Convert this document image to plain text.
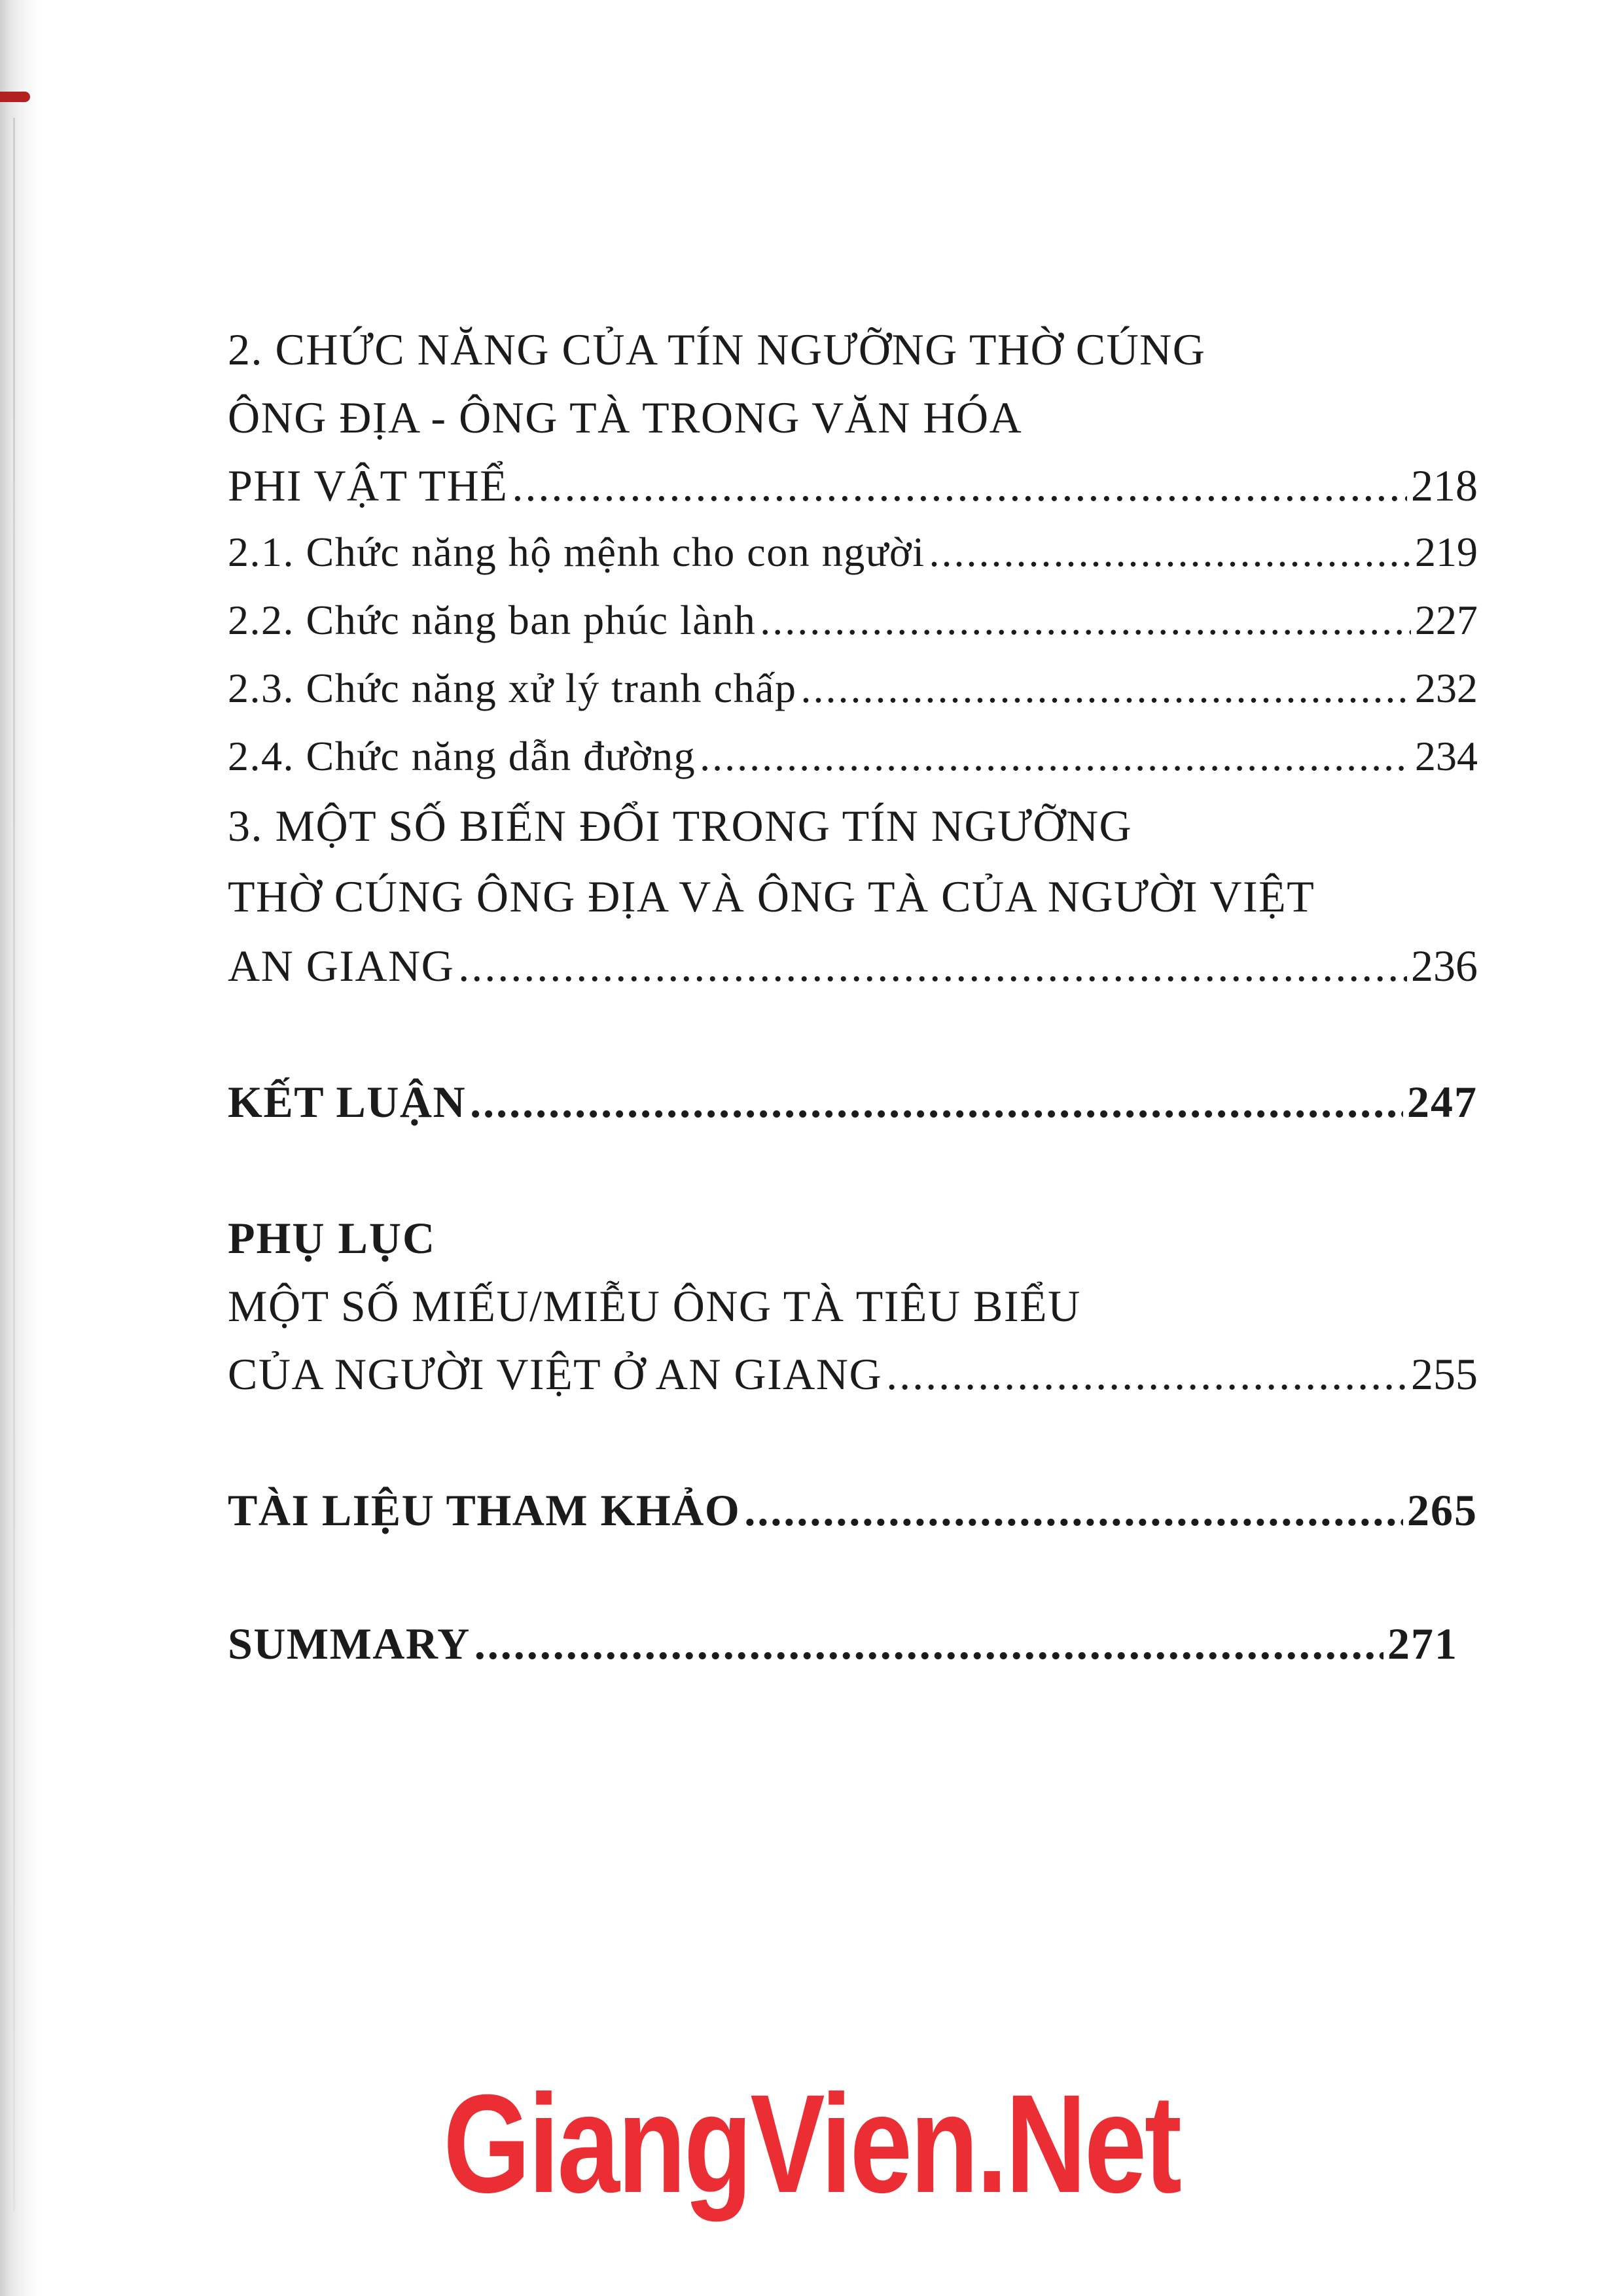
2. CHỨC NĂNG CỦA TÍN NGƯỠNG THỜ CÚNG
ÔNG ĐỊA - ÔNG TÀ TRONG VĂN HÓA
PHI VẬT THỂ .....	218
2.1. Chức năng hộ mệnh cho con người .....	219
2.2. Chức năng ban phúc lành .....	227
2.3. Chức năng xử lý tranh chấp .....	232
2.4. Chức năng dẫn đường .....	234
3. MỘT SỐ BIẾN ĐỔI TRONG TÍN NGƯỠNG
THỜ CÚNG ÔNG ĐỊA VÀ ÔNG TÀ CỦA NGƯỜI VIỆT
AN GIANG .....	236
KẾT LUẬN .....	247
PHỤ LỤC
MỘT SỐ MIẾU/MIỄU ÔNG TÀ TIÊU BIỂU
CỦA NGƯỜI VIỆT Ở AN GIANG .....	255
TÀI LIỆU THAM KHẢO .....	265
SUMMARY .....	271
GiangVien.Net
